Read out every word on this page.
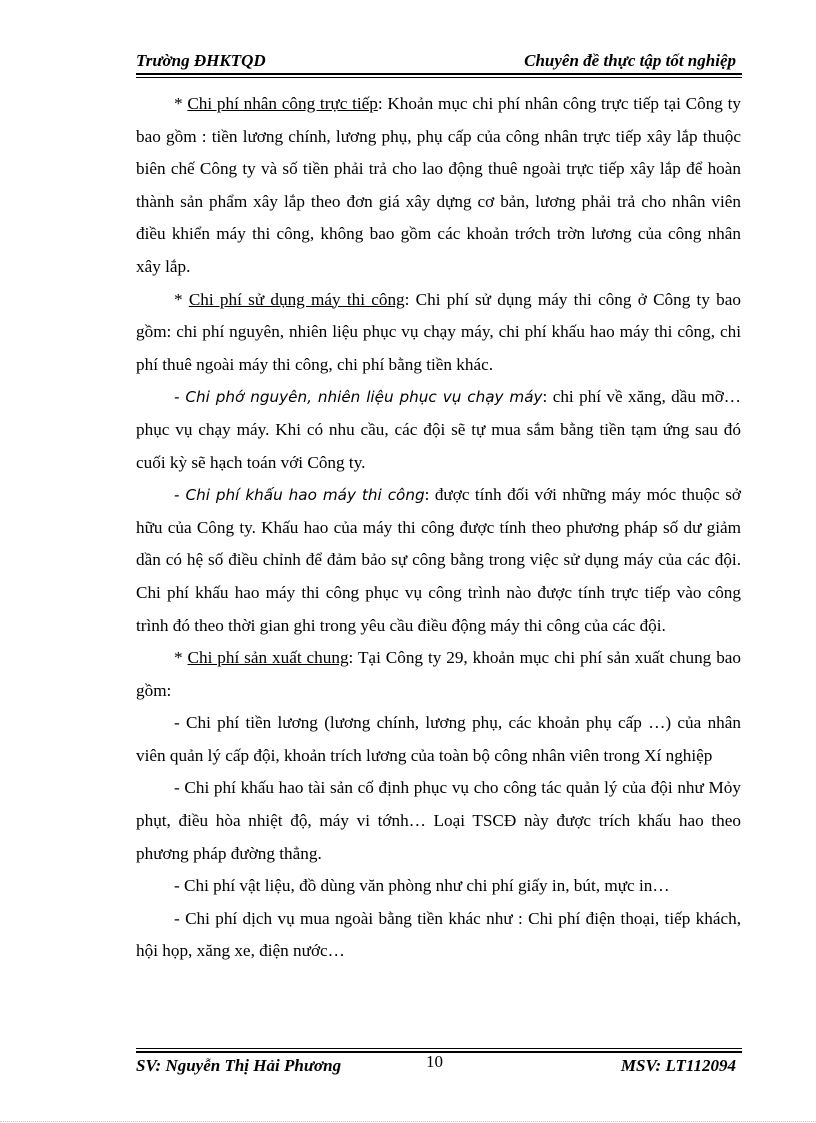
Trường ĐHKTQD	Chuyên đề thực tập tốt nghiệp

* Chi phí nhân công trực tiếp: Khoản mục chi phí nhân công trực tiếp tại Công ty bao gồm : tiền lương chính, lương phụ, phụ cấp của công nhân trực tiếp xây lắp thuộc biên chế Công ty và số tiền phải trả cho lao động thuê ngoài trực tiếp xây lắp để hoàn thành sản phẩm xây lắp theo đơn giá xây dựng cơ bản, lương phải trả cho nhân viên điều khiển máy thi công, không bao gồm các khoản trớch trờn lương của công nhân xây lắp.

* Chi phí sử dụng máy thi công: Chi phí sử dụng máy thi công ở Công ty bao gồm: chi phí nguyên, nhiên liệu phục vụ chạy máy, chi phí khấu hao máy thi công, chi phí thuê ngoài máy thi công, chi phí bằng tiền khác.

- Chi phớ nguyên, nhiên liệu phục vụ chạy máy: chi phí về xăng, dầu mỡ… phục vụ chạy máy. Khi có nhu cầu, các đội sẽ tự mua sắm bằng tiền tạm ứng sau đó cuối kỳ sẽ hạch toán với Công ty.

- Chi phí khấu hao máy thi công: được tính đối với những máy móc thuộc sở hữu của Công ty. Khấu hao của máy thi công được tính theo phương pháp số dư giảm dần có hệ số điều chỉnh để đảm bảo sự công bằng trong việc sử dụng máy của các đội. Chi phí khấu hao máy thi công phục vụ công trình nào được tính trực tiếp vào công trình đó theo thời gian ghi trong yêu cầu điều động máy thi công của các đội.

* Chi phí sản xuất chung: Tại Công ty 29, khoản mục chi phí sản xuất chung bao gồm:

- Chi phí tiền lương (lương chính, lương phụ, các khoản phụ cấp …) của nhân viên quản lý cấp đội, khoản trích lương của toàn bộ công nhân viên trong Xí nghiệp

- Chi phí khấu hao tài sản cố định phục vụ cho công tác quản lý của đội như Mỏy phụt, điều hòa nhiệt độ, máy vi tớnh… Loại TSCĐ này được trích khấu hao theo phương pháp đường thẳng.

- Chi phí vật liệu, đồ dùng văn phòng như chi phí giấy in, bút, mực in…

- Chi phí dịch vụ mua ngoài bằng tiền khác như : Chi phí điện thoại, tiếp khách, hội họp, xăng xe, điện nước…

SV: Nguyễn Thị Hải Phương	10	MSV: LT112094
